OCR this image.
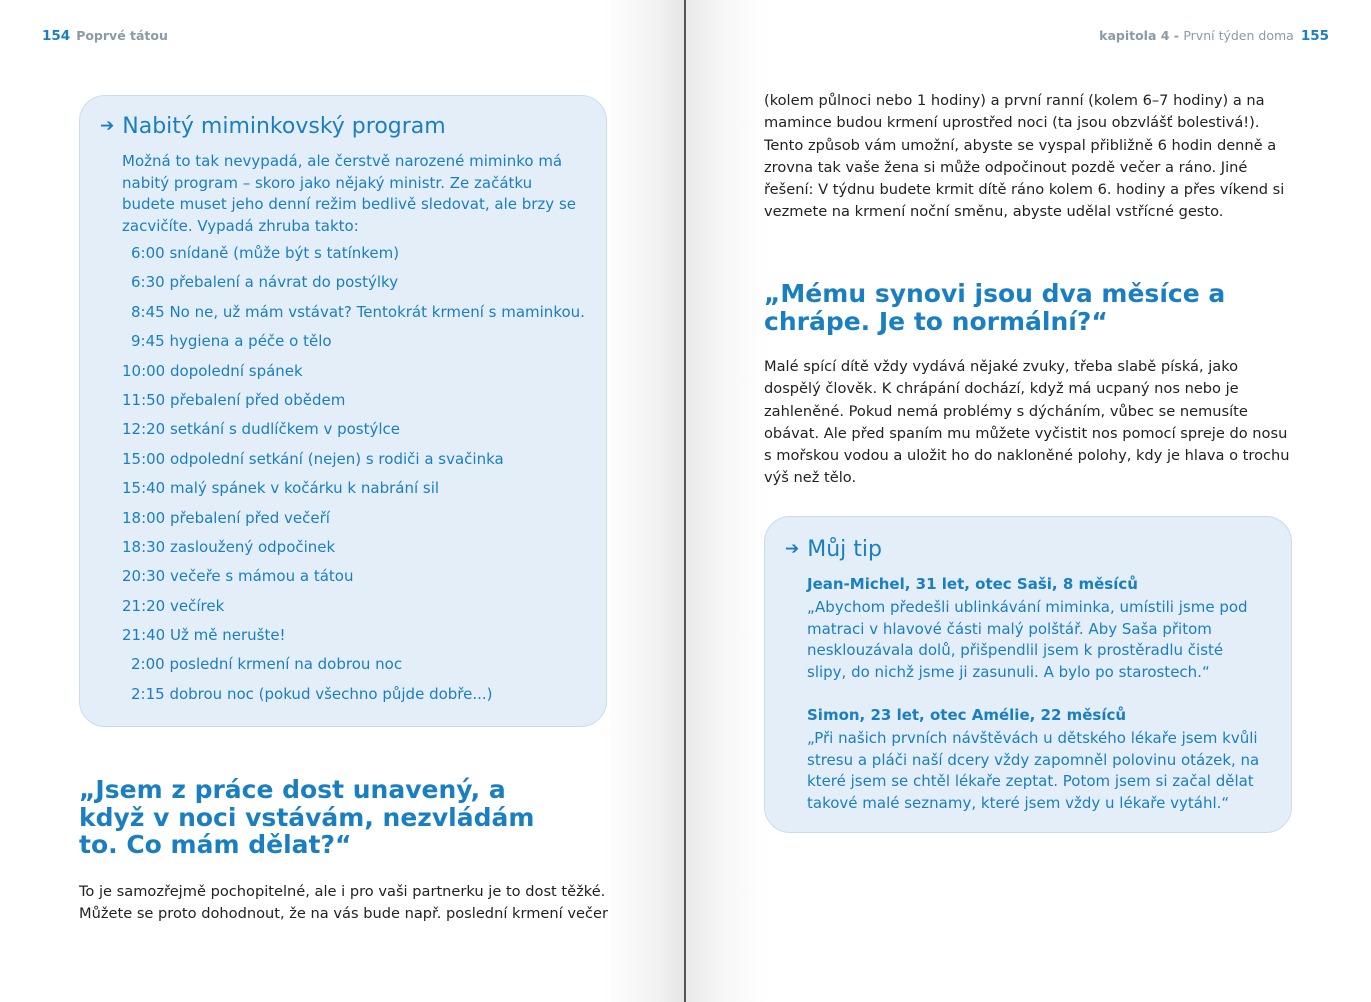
154 Poprvé tátou
➔ Nabitý miminkovský program
Možná to tak nevypadá, ale čerstvě narozené miminko má nabitý program – skoro jako nějaký ministr. Ze začátku budete muset jeho denní režim bedlivě sledovat, ale brzy se zacvičíte. Vypadá zhruba takto:
6:00 snídaně (může být s tatínkem)
6:30 přebalení a návrat do postýlky
8:45 No ne, už mám vstávat? Tentokrát krmení s maminkou.
9:45 hygiena a péče o tělo
10:00 dopolední spánek
11:50 přebalení před obědem
12:20 setkání s dudlíčkem v postýlce
15:00 odpolední setkání (nejen) s rodiči a svačinka
15:40 malý spánek v kočárku k nabrání sil
18:00 přebalení před večeří
18:30 zasloužený odpočinek
20:30 večeře s mámou a tátou
21:20 večírek
21:40 Už mě nerušte!
2:00 poslední krmení na dobrou noc
2:15 dobrou noc (pokud všechno půjde dobře...)
„Jsem z práce dost unavený, a když v noci vstávám, nezvládám to. Co mám dělat?“
To je samozřejmě pochopitelné, ale i pro vaši partnerku je to dost těžké. Můžete se proto dohodnout, že na vás bude např. poslední krmení večer
kapitola 4 - První týden doma 155
(kolem půlnoci nebo 1 hodiny) a první ranní (kolem 6–7 hodiny) a na mamince budou krmení uprostřed noci (ta jsou obzvlášť bolestivá!). Tento způsob vám umožní, abyste se vyspal přibližně 6 hodin denně a zrovna tak vaše žena si může odpočinout pozdě večer a ráno. Jiné řešení: V týdnu budete krmit dítě ráno kolem 6. hodiny a přes víkend si vezmete na krmení noční směnu, abyste udělal vstřícné gesto.
„Mému synovi jsou dva měsíce a chrápe. Je to normální?“
Malé spící dítě vždy vydává nějaké zvuky, třeba slabě píská, jako dospělý člověk. K chrápání dochází, když má ucpaný nos nebo je zahleněné. Pokud nemá problémy s dýcháním, vůbec se nemusíte obávat. Ale před spaním mu můžete vyčistit nos pomocí spreje do nosu s mořskou vodou a uložit ho do nakloněné polohy, kdy je hlava o trochu výš než tělo.
➔ Můj tip
Jean-Michel, 31 let, otec Saši, 8 měsíců
„Abychom předešli ublinkávání miminka, umístili jsme pod matraci v hlavové části malý polštář. Aby Saša přitom nesklouzávala dolů, přišpendlil jsem k prostěradlu čisté slipy, do nichž jsme ji zasunuli. A bylo po starostech.“
Simon, 23 let, otec Amélie, 22 měsíců
„Při našich prvních návštěvách u dětského lékaře jsem kvůli stresu a pláči naší dcery vždy zapomněl polovinu otázek, na které jsem se chtěl lékaře zeptat. Potom jsem si začal dělat takové malé seznamy, které jsem vždy u lékaře vytáhl.“
